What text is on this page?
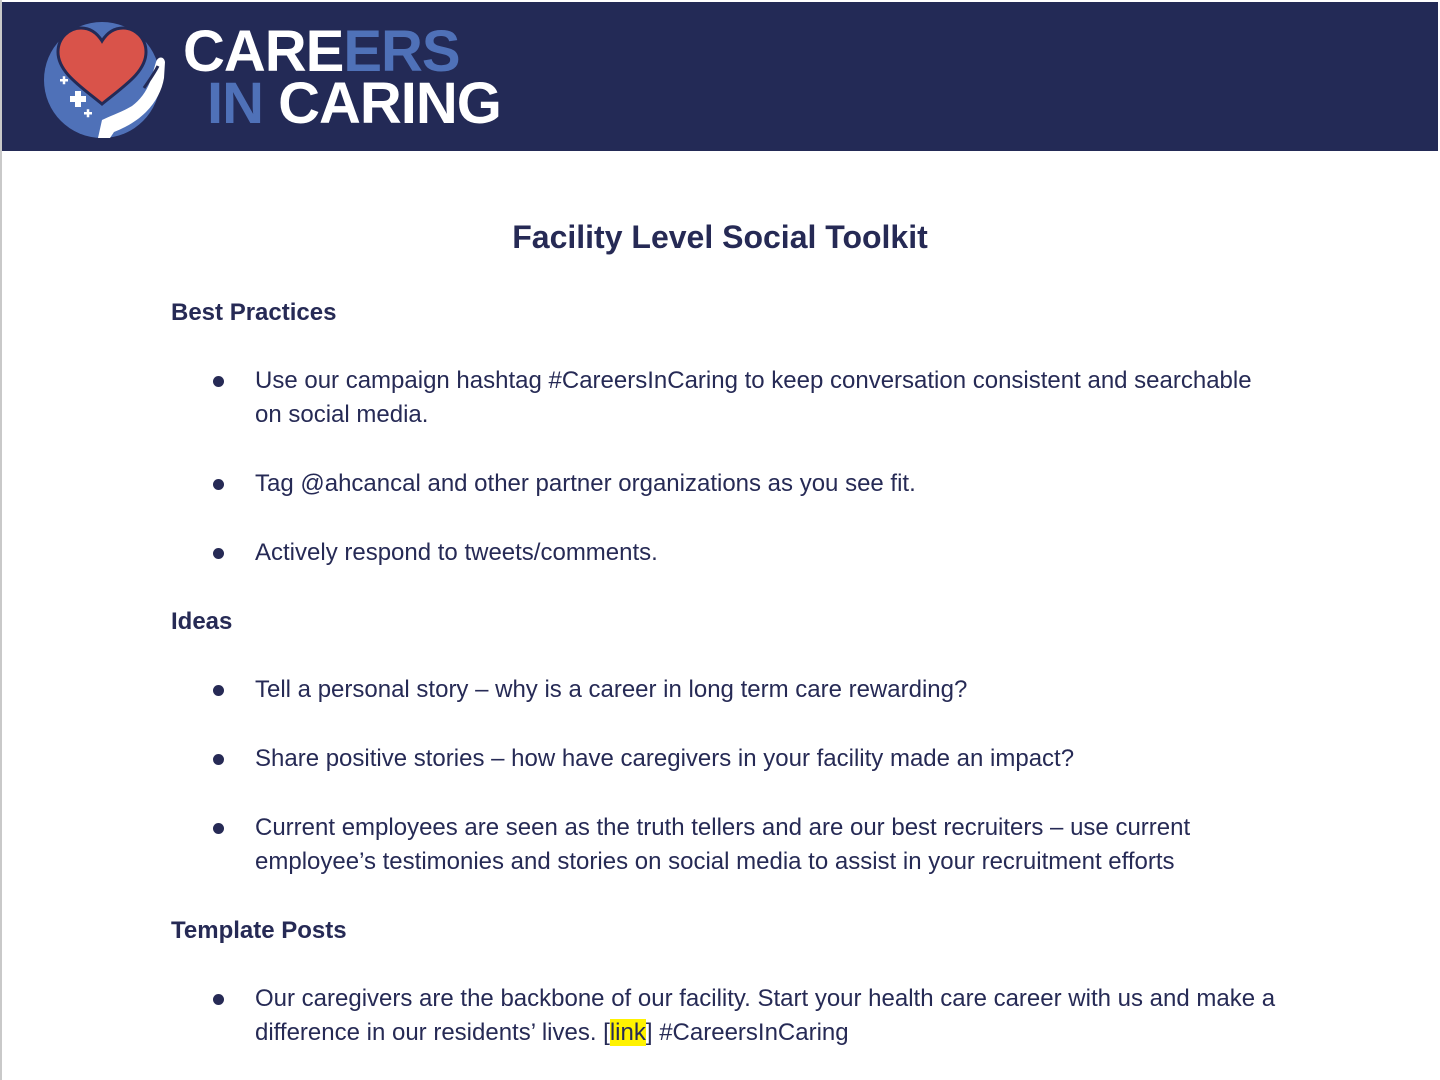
CAREERS
IN CARING
Facility Level Social Toolkit
Best Practices
Use our campaign hashtag #CareersInCaring to keep conversation consistent and searchable on social media.
Tag @ahcancal and other partner organizations as you see fit.
Actively respond to tweets/comments.
Ideas
Tell a personal story – why is a career in long term care rewarding?
Share positive stories – how have caregivers in your facility made an impact?
Current employees are seen as the truth tellers and are our best recruiters – use current employee’s testimonies and stories on social media to assist in your recruitment efforts
Template Posts
Our caregivers are the backbone of our facility. Start your health care career with us and make a difference in our residents’ lives. [link] #CareersInCaring
